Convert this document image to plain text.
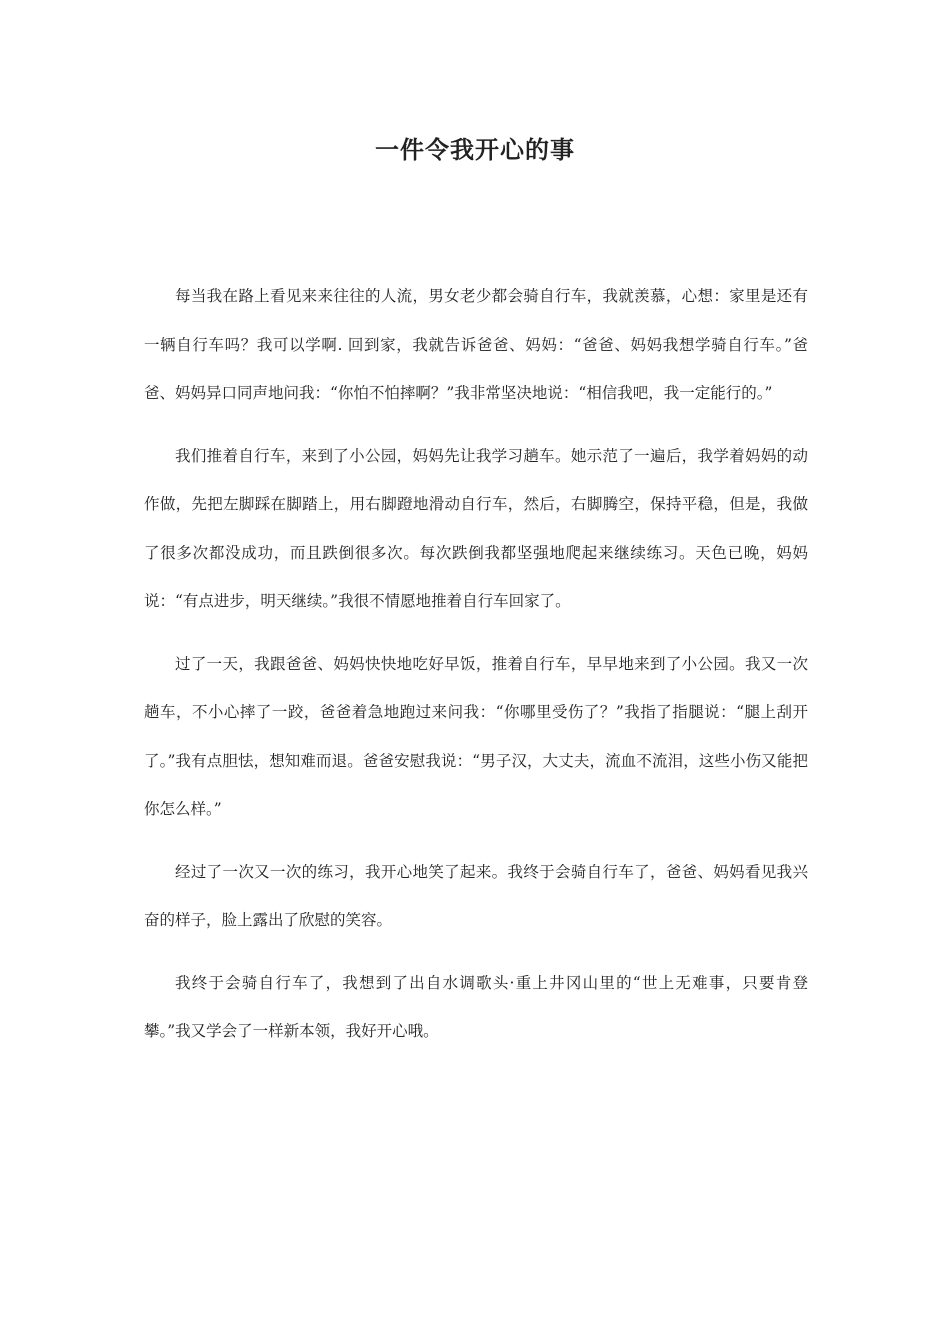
一件令我开心的事

每当我在路上看见来来往往的人流，男女老少都会骑自行车，我就羡慕，心想：家里是还有一辆自行车吗？我可以学啊. 回到家，我就告诉爸爸、妈妈：“爸爸、妈妈我想学骑自行车。”爸爸、妈妈异口同声地问我：“你怕不怕摔啊？”我非常坚决地说：“相信我吧，我一定能行的。”

我们推着自行车，来到了小公园，妈妈先让我学习趟车。她示范了一遍后，我学着妈妈的动作做，先把左脚踩在脚踏上，用右脚蹬地滑动自行车，然后，右脚腾空，保持平稳，但是，我做了很多次都没成功，而且跌倒很多次。每次跌倒我都坚强地爬起来继续练习。天色已晚，妈妈说：“有点进步，明天继续。”我很不情愿地推着自行车回家了。

过了一天，我跟爸爸、妈妈快快地吃好早饭，推着自行车，早早地来到了小公园。我又一次趟车，不小心摔了一跤，爸爸着急地跑过来问我：“你哪里受伤了？”我指了指腿说：“腿上刮开了。”我有点胆怯，想知难而退。爸爸安慰我说：“男子汉，大丈夫，流血不流泪，这些小伤又能把你怎么样。”

经过了一次又一次的练习，我开心地笑了起来。我终于会骑自行车了，爸爸、妈妈看见我兴奋的样子，脸上露出了欣慰的笑容。

我终于会骑自行车了，我想到了出自水调歌头·重上井冈山里的“世上无难事，只要肯登攀。”我又学会了一样新本领，我好开心哦。
